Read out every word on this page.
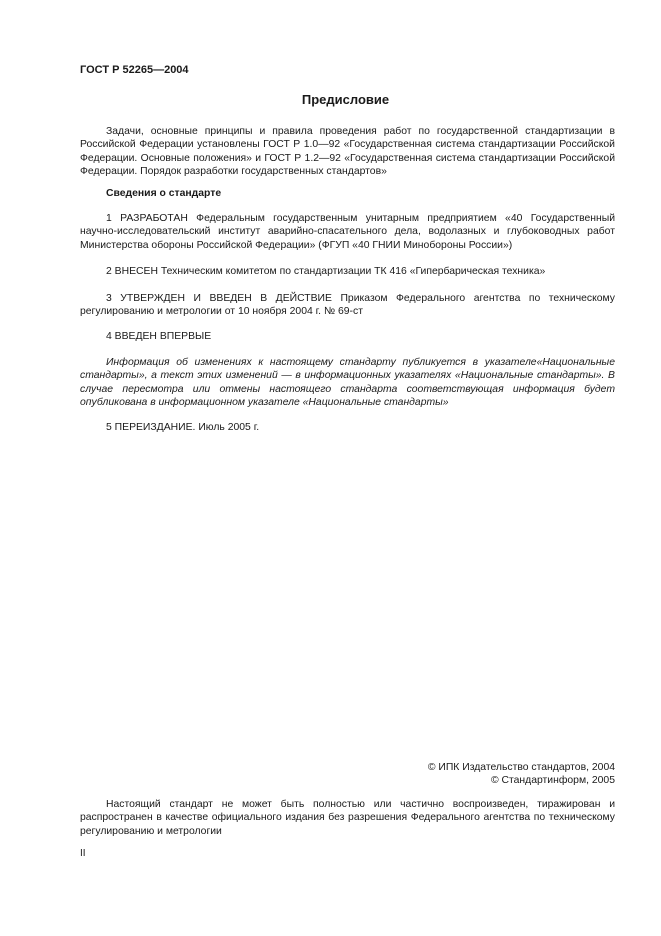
ГОСТ Р 52265—2004
Предисловие

Задачи, основные принципы и правила проведения работ по государственной стандартизации в Российской Федерации установлены ГОСТ Р 1.0—92 «Государственная система стандартизации Российской Федерации. Основные положения» и ГОСТ Р 1.2—92 «Государственная система стандартизации Российской Федерации. Порядок разработки государственных стандартов»

Сведения о стандарте

1 РАЗРАБОТАН Федеральным государственным унитарным предприятием «40 Государственный научно-исследовательский институт аварийно-спасательного дела, водолазных и глубоководных работ Министерства обороны Российской Федерации» (ФГУП «40 ГНИИ Минобороны России»)

2 ВНЕСЕН Техническим комитетом по стандартизации ТК 416 «Гипербарическая техника»

3 УТВЕРЖДЕН И ВВЕДЕН В ДЕЙСТВИЕ Приказом Федерального агентства по техническому регулированию и метрологии от 10 ноября 2004 г. № 69-ст

4 ВВЕДЕН ВПЕРВЫЕ

Информация об изменениях к настоящему стандарту публикуется в указателе«Национальные стандарты», а текст этих изменений — в информационных указателях «Национальные стандарты». В случае пересмотра или отмены настоящего стандарта соответствующая информация будет опубликована в информационном указателе «Национальные стандарты»

5 ПЕРЕИЗДАНИЕ. Июль 2005 г.

© ИПК Издательство стандартов, 2004
© Стандартинформ, 2005

Настоящий стандарт не может быть полностью или частично воспроизведен, тиражирован и распространен в качестве официального издания без разрешения Федерального агентства по техническому регулированию и метрологии

II
